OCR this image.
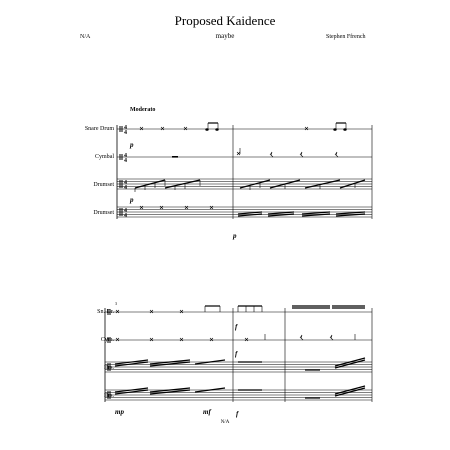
Proposed Kaidence
maybe
N/A	Stephen Ffrench
Moderato
Snare Drum
Cymbal
Drumset
Drumset
p
p
p
3
Sn. Dr.
Cym.
Drs.
Drs.
f
f
mp	mf	f
N/A
4
4
4
4
4
4
4
4
